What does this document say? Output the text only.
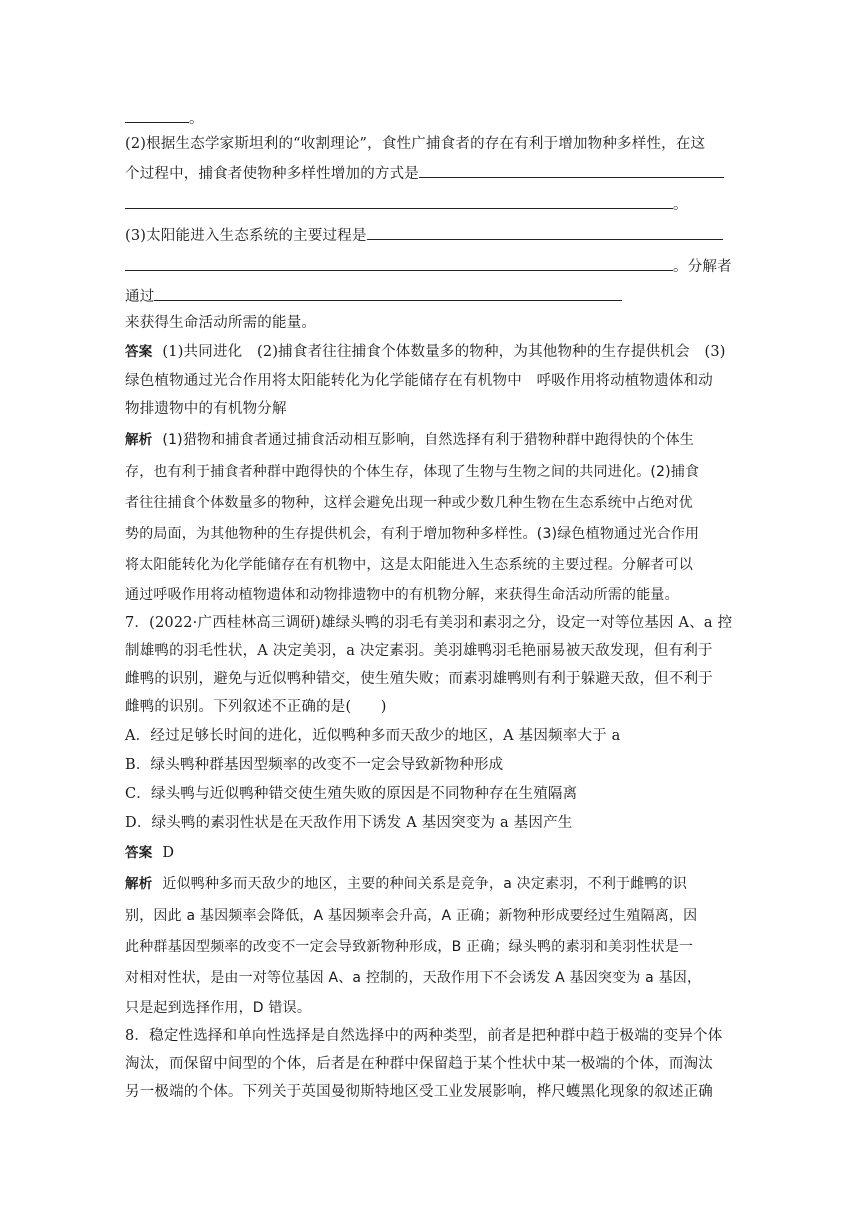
。
(2)根据生态学家斯坦利的“收割理论”，食性广捕食者的存在有利于增加物种多样性，在这
个过程中，捕食者使物种多样性增加的方式是
。
(3)太阳能进入生态系统的主要过程是
。分解者
通过
来获得生命活动所需的能量。
答案 (1)共同进化　(2)捕食者往往捕食个体数量多的物种，为其他物种的生存提供机会　(3)
绿色植物通过光合作用将太阳能转化为化学能储存在有机物中　呼吸作用将动植物遗体和动
物排遗物中的有机物分解
解析 (1)猎物和捕食者通过捕食活动相互影响，自然选择有利于猎物种群中跑得快的个体生
存，也有利于捕食者种群中跑得快的个体生存，体现了生物与生物之间的共同进化。(2)捕食
者往往捕食个体数量多的物种，这样会避免出现一种或少数几种生物在生态系统中占绝对优
势的局面，为其他物种的生存提供机会，有利于增加物种多样性。(3)绿色植物通过光合作用
将太阳能转化为化学能储存在有机物中，这是太阳能进入生态系统的主要过程。分解者可以
通过呼吸作用将动植物遗体和动物排遗物中的有机物分解，来获得生命活动所需的能量。
7．(2022·广西桂林高三调研)雄绿头鸭的羽毛有美羽和素羽之分，设定一对等位基因 A、a 控
制雄鸭的羽毛性状，A 决定美羽，a 决定素羽。美羽雄鸭羽毛艳丽易被天敌发现，但有利于
雌鸭的识别，避免与近似鸭种错交，使生殖失败；而素羽雄鸭则有利于躲避天敌，但不利于
雌鸭的识别。下列叙述不正确的是(　　)
A．经过足够长时间的进化，近似鸭种多而天敌少的地区，A 基因频率大于 a
B．绿头鸭种群基因型频率的改变不一定会导致新物种形成
C．绿头鸭与近似鸭种错交使生殖失败的原因是不同物种存在生殖隔离
D．绿头鸭的素羽性状是在天敌作用下诱发 A 基因突变为 a 基因产生
答案 D
解析 近似鸭种多而天敌少的地区，主要的种间关系是竞争，a 决定素羽，不利于雌鸭的识
别，因此 a 基因频率会降低，A 基因频率会升高，A 正确；新物种形成要经过生殖隔离，因
此种群基因型频率的改变不一定会导致新物种形成，B 正确；绿头鸭的素羽和美羽性状是一
对相对性状，是由一对等位基因 A、a 控制的，天敌作用下不会诱发 A 基因突变为 a 基因，
只是起到选择作用，D 错误。
8．稳定性选择和单向性选择是自然选择中的两种类型，前者是把种群中趋于极端的变异个体
淘汰，而保留中间型的个体，后者是在种群中保留趋于某个性状中某一极端的个体，而淘汰
另一极端的个体。下列关于英国曼彻斯特地区受工业发展影响，桦尺蠖黑化现象的叙述正确
